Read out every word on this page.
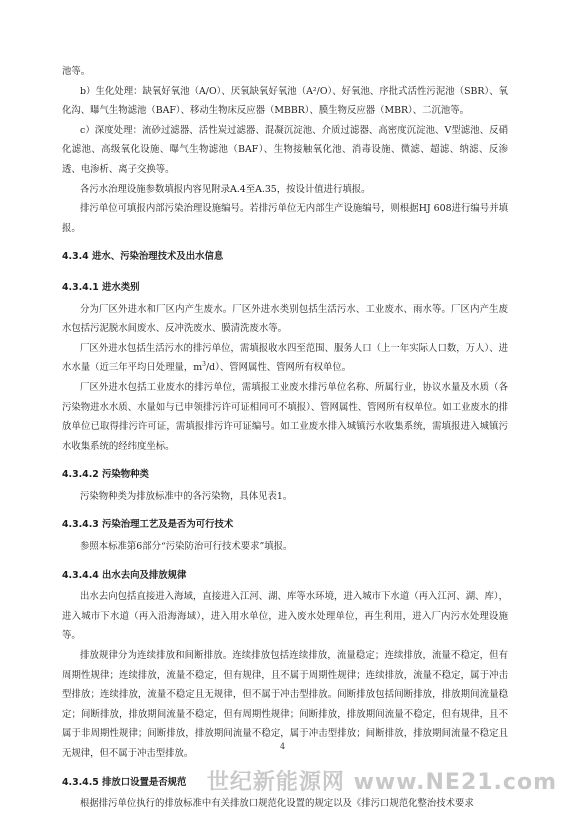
池等。

b）生化处理：缺氧好氧池（A/O）、厌氧缺氧好氧池（A²/O）、好氧池、序批式活性污泥池（SBR）、氧化沟、曝气生物滤池（BAF）、移动生物床反应器（MBBR）、膜生物反应器（MBR）、二沉池等。

c）深度处理：流砂过滤器、活性炭过滤器、混凝沉淀池、介质过滤器、高密度沉淀池、V型滤池、反硝化滤池、高级氧化设施、曝气生物滤池（BAF）、生物接触氧化池、消毒设施、微滤、超滤、纳滤、反渗透、电渗析、离子交换等。

各污水治理设施参数填报内容见附录A.4至A.35，按设计值进行填报。

排污单位可填报内部污染治理设施编号。若排污单位无内部生产设施编号，则根据HJ 608进行编号并填报。

4.3.4 进水、污染治理技术及出水信息
4.3.4.1 进水类别

分为厂区外进水和厂区内产生废水。厂区外进水类别包括生活污水、工业废水、雨水等。厂区内产生废水包括污泥脱水间废水、反冲洗废水、膜清洗废水等。

厂区外进水包括生活污水的排污单位，需填报收水四至范围、服务人口（上一年实际人口数，万人）、进水水量（近三年平均日处理量，$m^3/d$）、管网属性、管网所有权单位。

厂区外进水包括工业废水的排污单位，需填报工业废水排污单位名称、所属行业，协议水量及水质（各污染物进水水质、水量如与已申领排污许可证相同可不填报）、管网属性、管网所有权单位。如工业废水的排放单位已取得排污许可证，需填报排污许可证编号。如工业废水排入城镇污水收集系统，需填报进入城镇污水收集系统的经纬度坐标。

4.3.4.2 污染物种类

污染物种类为排放标准中的各污染物，具体见表1。

4.3.4.3 污染治理工艺及是否为可行技术

参照本标准第6部分“污染防治可行技术要求”填报。

4.3.4.4 出水去向及排放规律

出水去向包括直接进入海域，直接进入江河、湖、库等水环境，进入城市下水道（再入江河、湖、库），进入城市下水道（再入沿海海域），进入用水单位，进入废水处理单位，再生利用，进入厂内污水处理设施等。

排放规律分为连续排放和间断排放。连续排放包括连续排放，流量稳定；连续排放，流量不稳定，但有周期性规律；连续排放，流量不稳定，但有规律，且不属于周期性规律；连续排放，流量不稳定，属于冲击型排放；连续排放，流量不稳定且无规律，但不属于冲击型排放。间断排放包括间断排放，排放期间流量稳定；间断排放，排放期间流量不稳定，但有周期性规律；间断排放，排放期间流量不稳定，但有规律，且不属于非周期性规律；间断排放，排放期间流量不稳定，属于冲击型排放；间断排放，排放期间流量不稳定且无规律，但不属于冲击型排放。

4.3.4.5 排放口设置是否规范

根据排污单位执行的排放标准中有关排放口规范化设置的规定以及《排污口规范化整治技术要求

4
世纪新能源网 www.NE21.com
